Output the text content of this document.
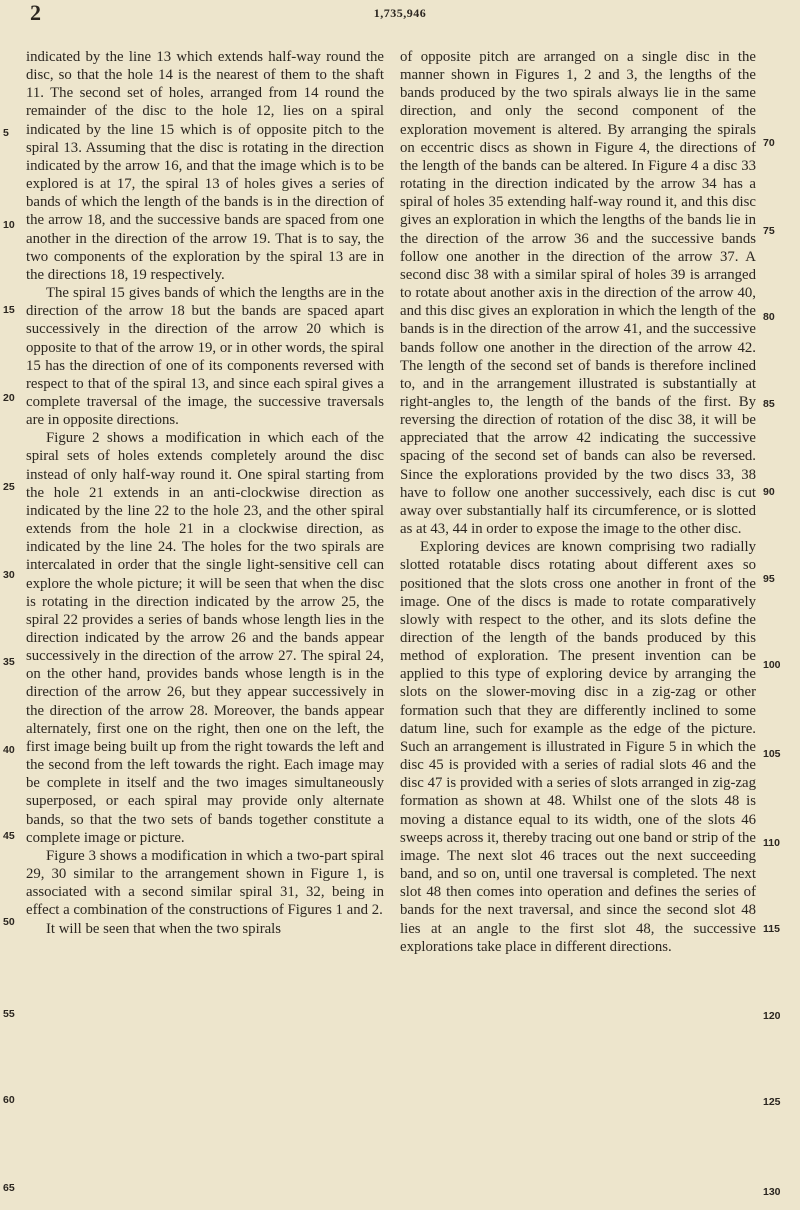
2	1,735,946

indicated by the line 13 which extends half-way round the disc, so that the hole 14 is the nearest of them to the shaft 11. The second set of holes, arranged from 14 round the remainder of the disc to the hole 12, lies on a spiral indicated by the line 15 which is of opposite pitch to the spiral 13. Assuming that the disc is rotating in the direction indicated by the arrow 16, and that the image which is to be explored is at 17, the spiral 13 of holes gives a series of bands of which the length of the bands is in the direction of the arrow 18, and the successive bands are spaced from one another in the direction of the arrow 19. That is to say, the two components of the exploration by the spiral 13 are in the directions 18, 19 respectively.

The spiral 15 gives bands of which the lengths are in the direction of the arrow 18 but the bands are spaced apart successively in the direction of the arrow 20 which is opposite to that of the arrow 19, or in other words, the spiral 15 has the direction of one of its components reversed with respect to that of the spiral 13, and since each spiral gives a complete traversal of the image, the successive traversals are in opposite directions.

Figure 2 shows a modification in which each of the spiral sets of holes extends completely around the disc instead of only half-way round it. One spiral starting from the hole 21 extends in an anti-clockwise direction as indicated by the line 22 to the hole 23, and the other spiral extends from the hole 21 in a clockwise direction, as indicated by the line 24. The holes for the two spirals are intercalated in order that the single light-sensitive cell can explore the whole picture; it will be seen that when the disc is rotating in the direction indicated by the arrow 25, the spiral 22 provides a series of bands whose length lies in the direction indicated by the arrow 26 and the bands appear successively in the direction of the arrow 27. The spiral 24, on the other hand, provides bands whose length is in the direction of the arrow 26, but they appear successively in the direction of the arrow 28. Moreover, the bands appear alternately, first one on the right, then one on the left, the first image being built up from the right towards the left and the second from the left towards the right. Each image may be complete in itself and the two images simultaneously superposed, or each spiral may provide only alternate bands, so that the two sets of bands together constitute a complete image or picture.

Figure 3 shows a modification in which a two-part spiral 29, 30 similar to the arrangement shown in Figure 1, is associated with a second similar spiral 31, 32, being in effect a combination of the constructions of Figures 1 and 2.

It will be seen that when the two spirals

of opposite pitch are arranged on a single disc in the manner shown in Figures 1, 2 and 3, the lengths of the bands produced by the two spirals always lie in the same direction, and only the second component of the exploration movement is altered. By arranging the spirals on eccentric discs as shown in Figure 4, the directions of the length of the bands can be altered. In Figure 4 a disc 33 rotating in the direction indicated by the arrow 34 has a spiral of holes 35 extending half-way round it, and this disc gives an exploration in which the lengths of the bands lie in the direction of the arrow 36 and the successive bands follow one another in the direction of the arrow 37. A second disc 38 with a similar spiral of holes 39 is arranged to rotate about another axis in the direction of the arrow 40, and this disc gives an exploration in which the length of the bands is in the direction of the arrow 41, and the successive bands follow one another in the direction of the arrow 42. The length of the second set of bands is therefore inclined to, and in the arrangement illustrated is substantially at right-angles to, the length of the bands of the first. By reversing the direction of rotation of the disc 38, it will be appreciated that the arrow 42 indicating the successive spacing of the second set of bands can also be reversed. Since the explorations provided by the two discs 33, 38 have to follow one another successively, each disc is cut away over substantially half its circumference, or is slotted as at 43, 44 in order to expose the image to the other disc.

Exploring devices are known comprising two radially slotted rotatable discs rotating about different axes so positioned that the slots cross one another in front of the image. One of the discs is made to rotate comparatively slowly with respect to the other, and its slots define the direction of the length of the bands produced by this method of exploration. The present invention can be applied to this type of exploring device by arranging the slots on the slower-moving disc in a zig-zag or other formation such that they are differently inclined to some datum line, such for example as the edge of the picture. Such an arrangement is illustrated in Figure 5 in which the disc 45 is provided with a series of radial slots 46 and the disc 47 is provided with a series of slots arranged in zig-zag formation as shown at 48. Whilst one of the slots 48 is moving a distance equal to its width, one of the slots 46 sweeps across it, thereby tracing out one band or strip of the image. The next slot 46 traces out the next succeeding band, and so on, until one traversal is completed. The next slot 48 then comes into operation and defines the series of bands for the next traversal, and since the second slot 48 lies at an angle to the first slot 48, the successive explorations take place in different directions.

5
10
15
20
25
30
35
40
45
50
55
60
65
70
75
80
85
90
95
100
105
110
115
120
125
130
